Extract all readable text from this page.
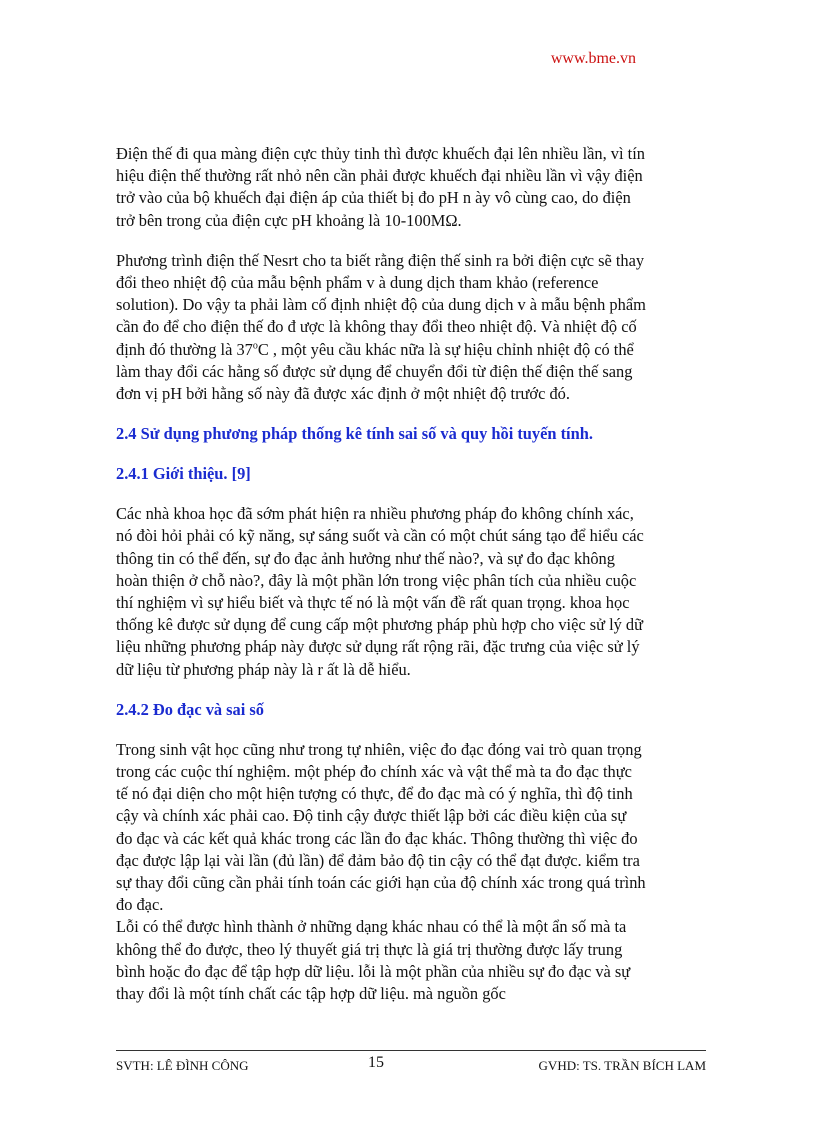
www.bme.vn

Điện thế đi qua màng điện cực thủy tinh thì được khuếch đại lên nhiều lần, vì tín hiệu điện thế thường rất nhỏ nên cần phải được khuếch đại nhiều lần vì vậy điện trở vào của bộ khuếch đại điện áp của thiết bị đo pH n ày vô cùng cao, do điện trở bên trong của điện cực pH khoảng là 10-100MΩ.

Phương trình điện thế Nesrt cho ta biết rằng điện thế sinh ra bởi điện cực sẽ thay đổi theo nhiệt độ của mẫu bệnh phẩm v à dung dịch tham khảo (reference solution). Do vậy ta phải làm cố định nhiệt độ của dung dịch v à mẫu bệnh phẩm cần đo để cho điện thế đo đ ược là không thay đổi theo nhiệt độ. Và nhiệt độ cố định đó thường là 37$^o$C , một yêu cầu khác nữa là sự hiệu chỉnh nhiệt độ có thể làm thay đổi các hằng số được sử dụng để chuyển đổi từ điện thế điện thế sang đơn vị pH bởi hằng số này đã được xác định ở một nhiệt độ trước đó.

2.4 Sử dụng phương pháp thống kê tính sai số và quy hồi tuyến tính.
2.4.1 Giới thiệu. [9]

Các nhà khoa học đã sớm phát hiện ra nhiều phương pháp đo không chính xác, nó đòi hỏi phải có kỹ năng, sự sáng suốt và cần có một chút sáng tạo để hiểu các thông tin có thể đến, sự đo đạc ảnh hưởng như thế nào?, và sự đo đạc không hoàn thiện ở chỗ nào?, đây là một phần lớn trong việc phân tích của nhiều cuộc thí nghiệm vì sự hiểu biết và thực tế nó là một vấn đề rất quan trọng. khoa học thống kê được sử dụng để cung cấp một phương pháp phù hợp cho việc sử lý dữ liệu những phương pháp này được sử dụng rất rộng rãi, đặc trưng của việc sử lý dữ liệu từ phương pháp này là r ất là dễ hiểu.

2.4.2 Đo đạc và sai số

Trong sinh vật học cũng như trong tự nhiên, việc đo đạc đóng vai trò quan trọng trong các cuộc thí nghiệm. một phép đo chính xác và vật thể mà ta đo đạc thực tế nó đại diện cho một hiện tượng có thực, để đo đạc mà có ý nghĩa, thì độ tinh cậy và chính xác phải cao. Độ tinh cậy được thiết lập bởi các điều kiện của sự đo đạc và các kết quả khác trong các lần đo đạc khác. Thông thường thì việc đo đạc được lập lại vài lần (đủ lần) để đảm bảo độ tin cậy có thể đạt được. kiểm tra sự thay đổi cũng cần phải tính toán các giới hạn của độ chính xác trong quá trình đo đạc.

Lỗi có thể được hình thành ở những dạng khác nhau có thể là một ẩn số mà ta không thể đo được, theo lý thuyết giá trị thực là giá trị thường được lấy trung bình hoặc đo đạc để tập hợp dữ liệu. lỗi là một phần của nhiều sự đo đạc và sự thay đổi là một tính chất các tập hợp dữ liệu. mà nguồn gốc

SVTH: LÊ ĐÌNH CÔNG	15	GVHD: TS. TRẦN BÍCH LAM
